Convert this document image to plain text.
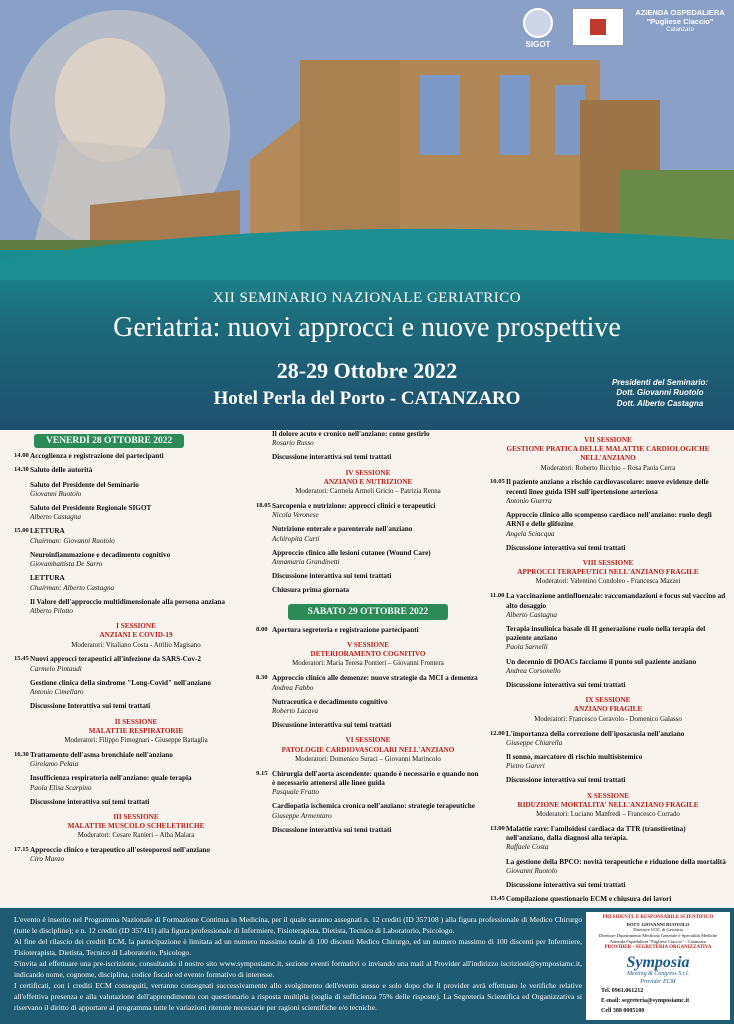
SIGOT
AZIENDA OSPEDALIERA
"Pugliese Ciaccio"
Catanzaro
XII SEMINARIO NAZIONALE GERIATRICO
Geriatria: nuovi approcci e nuove prospettive
28-29 Ottobre 2022
Hotel Perla del Porto - CATANZARO
Presidenti del Seminario:
Dott. Giovanni Ruotolo
Dott. Alberto Castagna
VENERDÌ 28 OTTOBRE 2022
14.00 Accoglienza e registrazione dei partecipanti
14.30 Saluto delle autorità
Saluto del Presidente del Seminario
Giovanni Ruotolo
Saluto del Presidente Regionale SIGOT
Alberto Castagna
15.00 LETTURA
Chairman: Giovanni Ruotolo
Neuroinfiammazione e decadimento cognitivo
Giovambattista De Sarro
LETTURA
Chairman: Alberto Castagna
Il Valore dell'approccio multidimensionale alla persona anziana
Alberto Pilotto
I SESSIONE
ANZIANI E COVID-19
Moderatori: Vitaliano Costa - Attilio Magisano
15.45 Nuovi approcci terapeutici all'infezione da SARS-Cov-2
Carmelo Pintaudi
Gestione clinica della sindrome "Long-Covid" nell'anziano
Antonio Cimellaro
Discussione Interattiva sui temi trattati
II SESSIONE
MALATTIE RESPIRATORIE
Moderatori: Filippo Fimognari - Giuseppe Battaglia
16.30 Trattamento dell'asma bronchiale nell'anziano
Girolamo Pelaia
Insufficienza respiratoria nell'anziano: quale terapia
Paola Elisa Scarpino
Discussione interattiva sui temi trattati
III SESSIONE
MALATTIE MUSCOLO SCHELETRICHE
Moderatori: Cesare Ranieri – Alba Malara
17.15 Approccio clinico e terapeutico all'osteoporosi nell'anziano
Ciro Manzo
Il dolore acuto e cronico nell'anziano: come gestirlo
Rosario Russo
Discussione interattiva sui temi trattati
IV SESSIONE
ANZIANO E NUTRIZIONE
Moderatori: Carmela Armeli Gricio – Patrizia Renna
18.05 Sarcopenia e nutrizione: approcci clinici e terapeutici
Nicola Veronese
Nutrizione enterale e parenterale nell'anziano
Achiropita Curti
Approccio clinico alle lesioni cutanee (Wound Care)
Annamaria Grandinetti
Discussione interattiva sui temi trattati
Chiusura prima giornata
SABATO 29 OTTOBRE 2022
8.00 Apertura segreteria e registrazione partecipanti
V SESSIONE
DETERIORAMENTO COGNITIVO
Moderatori: Maria Teresa Pontieri – Giovanni Frontera
8.30 Approccio clinico alle demenze: nuove strategie da MCI a demenza
Andrea Fabbo
Nutraceutica e decadimento cognitivo
Roberto Lacava
Discussione interattiva sui temi trattati
VI SESSIONE
PATOLOGIE CARDIOVASCOLARI NELL'ANZIANO
Moderatori: Domenico Suraci – Giovanni Marincolo
9.15 Chirurgia dell'aorta ascendente: quando è necessario e quando non è necessario attenersi alle linee guida
Pasquale Fratto
Cardiopatia ischemica cronica nell'anziano: strategie terapeutiche
Giuseppe Armentaro
Discussione interattiva sui temi trattati
VII SESSIONE
GESTIONE PRATICA DELLE MALATTIE CARDIOLOGICHE NELL'ANZIANO
Moderatori: Roberto Ricchio – Rosa Paola Cerra
10.05 Il paziente anziano a rischio cardiovascolare: nuove evidenze delle recenti linee guida ISH sull'ipertensione arteriosa
Antonio Guerra
Approccio clinico allo scompenso cardiaco nell'anziano: ruolo degli ARNI e delle glifozine
Angela Sciacqua
Discussione interattiva sui temi trattati
VIII SESSIONE
APPROCCI TERAPEUTICI NELL'ANZIANO FRAGILE
Moderatori: Valentino Condoleo - Francesca Mazzei
11.00 La vaccinazione antinfluenzale: raccomandazioni e focus sul vaccino ad alto dosaggio
Alberto Castagna
Terapia insulinica basale di II generazione ruolo nella terapia del paziente anziano
Paola Sarnelli
Un decennio di DOACs facciamo il punto sul paziente anziano
Andrea Corsonello
Discussione interattiva sui temi trattati
IX SESSIONE
ANZIANO FRAGILE
Moderatori: Francesco Ceravolo - Domenico Galasso
12.00 L'importanza della correzione dell'iposacusia nell'anziano
Giuseppe Chiarella
Il sonno, marcatore di rischio multisistemico
Pietro Gareri
Discussione interattiva sui temi trattati
X SESSIONE
RIDUZIONE MORTALITA' NELL'ANZIANO FRAGILE
Moderatori: Luciano Manfredi – Francesco Corrado
13.00 Malattie rare: l'amiloidosi cardiaca da TTR (transtiretina) nell'anziano, dalla diagnosi alla terapia.
Raffaele Costa
La gestione della BPCO: novità terapeutiche e riduzione della mortalità
Giovanni Ruotolo
Discussione interattiva sui temi trattati
13.45 Compilazione questionario ECM e chiusura dei lavori

L'evento è inserito nel Programma Nazionale di Formazione Continua in Medicina, per il quale saranno assegnati n. 12 crediti (ID 357108 ) alla figura professionale di Medico Chirurgo (tutte le discipline); e n. 12 crediti (ID 357411) alla figura professionale di Infermiere, Fisioterapista, Dietista, Tecnico di Laboratorio, Psicologo.

Al fine del rilascio dei crediti ECM, la partecipazione è limitata ad un numero massimo totale di 100 discenti Medico Chirurgo, ed un numero massimo di 100 discenti per Infermiere, Fisioterapista, Dietista, Tecnico di Laboratorio, Psicologo.

S'invita ad effettuare una pre-iscrizione, consultando il nostro sito www.symposiamc.it, sezione eventi formativi o inviando una mail al Provider all'indirizzo iscrizioni@symposiamc.it, indicando nome, cognome, disciplina, codice fiscale ed evento formativo di interesse.

I certificati, con i crediti ECM conseguiti, verranno consegnati successivamente allo svolgimento dell'evento stesso e solo dopo che il provider avrà effettuato le verifiche relative all'effettiva presenza e alla valutazione dell'apprendimento con questionario a risposta multipla (soglia di sufficienza 75% delle risposte). La Segreteria Scientifica ed Organizzativa si riservano il diritto di apportare al programma tutte le variazioni ritenute necessarie per ragioni scientifiche e/o tecniche.

PRESIDENTE E RESPONSABILE SCIENTIFICO
DOTT. GIOVANNI RUOTOLO
Direttore UOC di Geriatria
Direttore Dipartimento Medicina Generale e Specialità Mediche
Azienda Ospedaliera "Pugliese Ciaccio" - Catanzaro
PROVIDER - SEGRETERIA ORGANIZZATIVA
Symposia
Meeting & Congress S.r.l.
Provider ECM
Tel. 0961.061212
E-mail: segreteria@symposiamc.it
Cell 388 0085100
